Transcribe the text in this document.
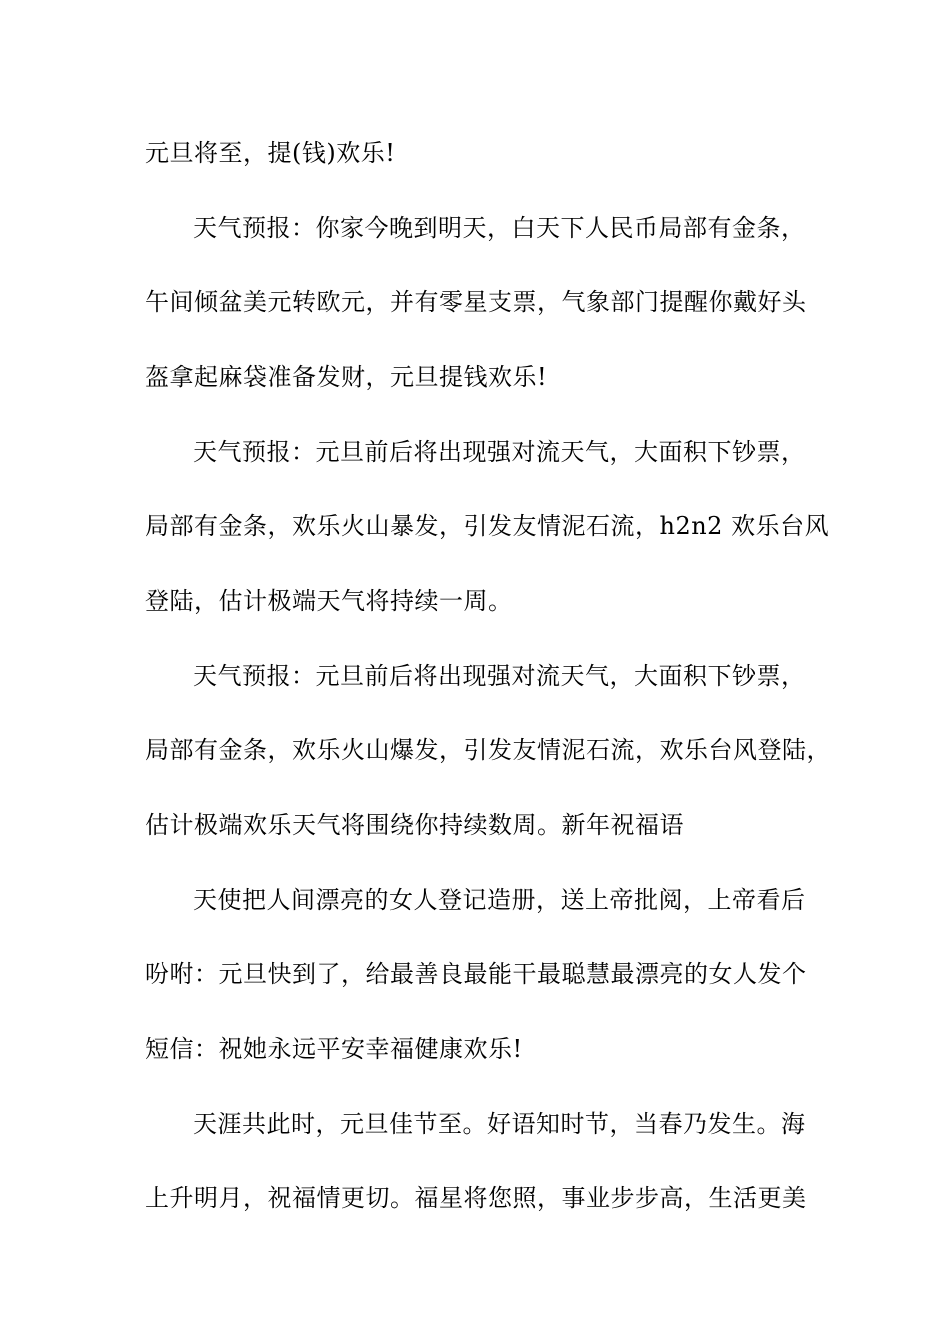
元旦将至，提(钱)欢乐!
天气预报：你家今晚到明天，白天下人民币局部有金条，
午间倾盆美元转欧元，并有零星支票，气象部门提醒你戴好头
盔拿起麻袋准备发财，元旦提钱欢乐!
天气预报：元旦前后将出现强对流天气，大面积下钞票，
局部有金条，欢乐火山暴发，引发友情泥石流，h2n2 欢乐台风
登陆，估计极端天气将持续一周。
天气预报：元旦前后将出现强对流天气，大面积下钞票，
局部有金条，欢乐火山爆发，引发友情泥石流，欢乐台风登陆，
估计极端欢乐天气将围绕你持续数周。新年祝福语
天使把人间漂亮的女人登记造册，送上帝批阅，上帝看后
吩咐：元旦快到了，给最善良最能干最聪慧最漂亮的女人发个
短信：祝她永远平安幸福健康欢乐!
天涯共此时，元旦佳节至。好语知时节，当春乃发生。海
上升明月，祝福情更切。福星将您照，事业步步高，生活更美
